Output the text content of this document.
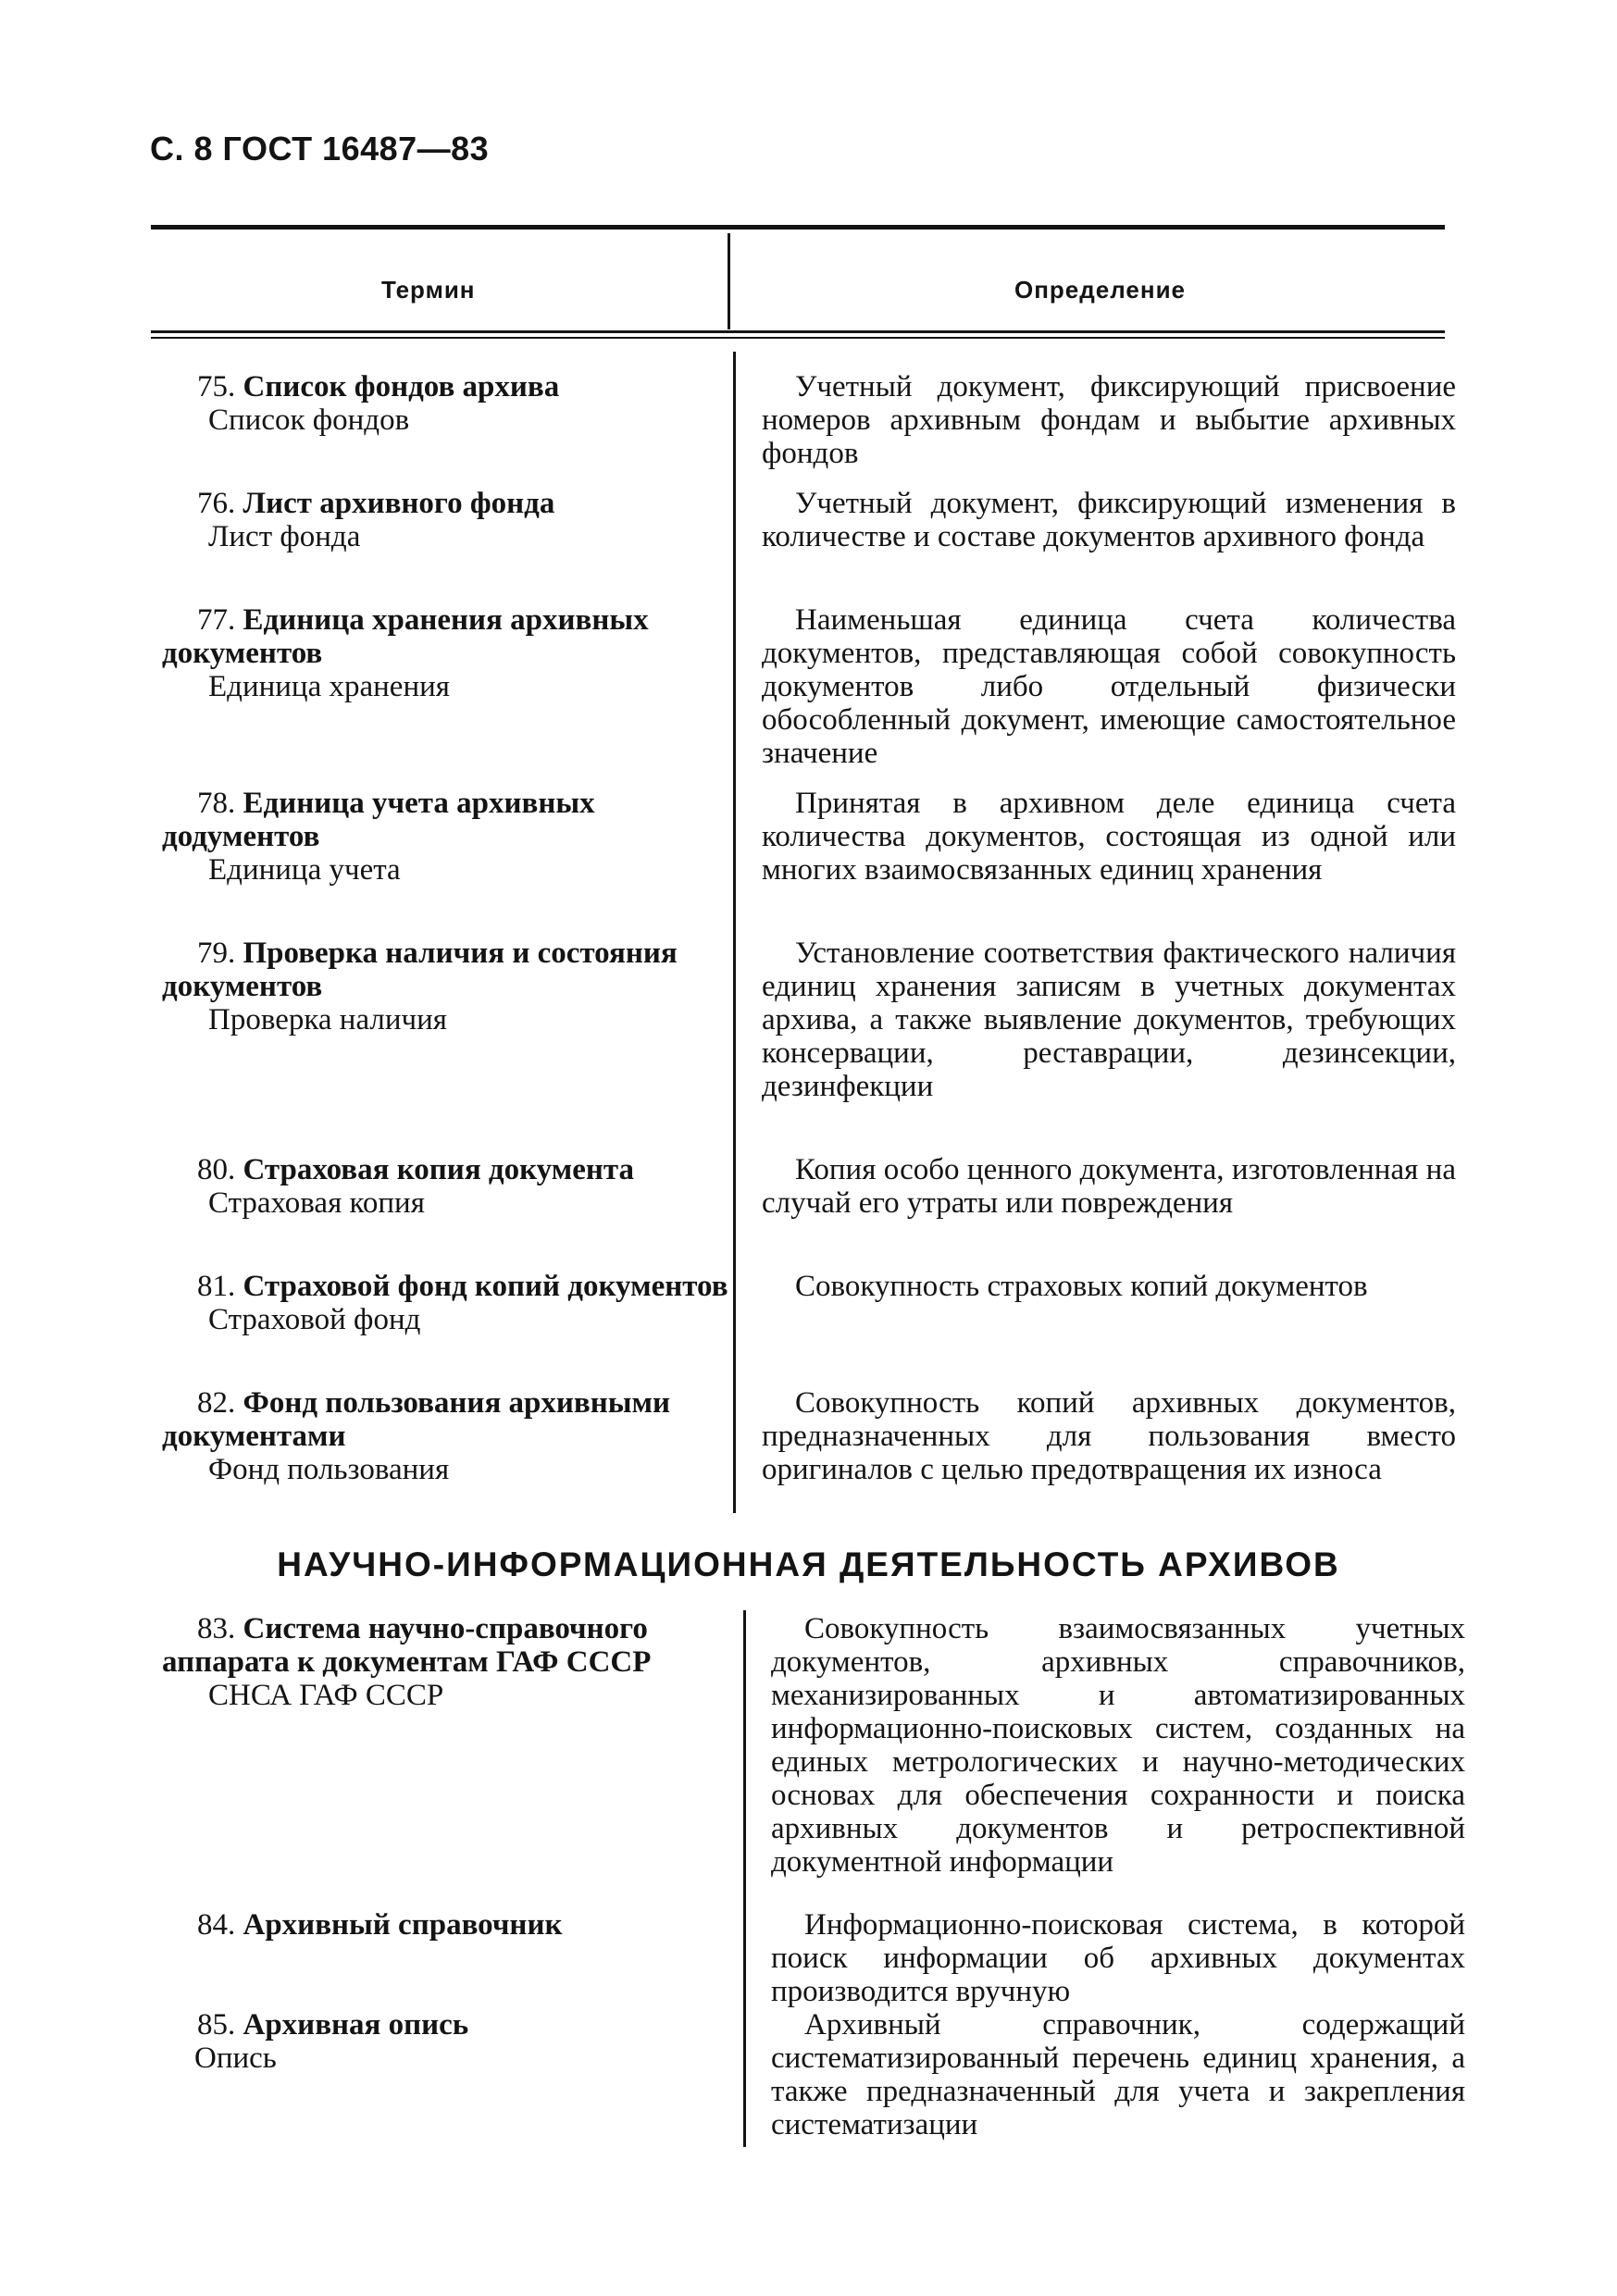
С. 8 ГОСТ 16487—83
Термин	Определение
75. Список фондов архива
Список фондов
Учетный документ, фиксирующий присвоение номеров архивным фондам и выбытие архивных фондов
76. Лист архивного фонда
Лист фонда
Учетный документ, фиксирующий изменения в количестве и составе документов архивного фонда
77. Единица хранения архивных документов
Единица хранения
Наименьшая единица счета количества документов, представляющая собой совокупность документов либо отдельный физически обособленный документ, имеющие самостоятельное значение
78. Единица учета архивных додументов
Единица учета
Принятая в архивном деле единица счета количества документов, состоящая из одной или многих взаимосвязанных единиц хранения
79. Проверка наличия и состояния документов
Проверка наличия
Установление соответствия фактического наличия единиц хранения записям в учетных документах архива, а также выявление документов, требующих консервации, реставрации, дезинсекции, дезинфекции
80. Страховая копия документа
Страховая копия
Копия особо ценного документа, изготовленная на случай его утраты или повреждения
81. Страховой фонд копий документов
Страховой фонд
Совокупность страховых копий документов
82. Фонд пользования архивными документами
Фонд пользования
Совокупность копий архивных документов, предназначенных для пользования вместо оригиналов с целью предотвращения их износа
НАУЧНО-ИНФОРМАЦИОННАЯ ДЕЯТЕЛЬНОСТЬ АРХИВОВ
83. Система научно-справочного аппарата к документам ГАФ СССР
СНСА ГАФ СССР
Совокупность взаимосвязанных учетных документов, архивных справочников, механизированных и автоматизированных информационно-поисковых систем, созданных на единых метрологических и научно-методических основах для обеспечения сохранности и поиска архивных документов и ретроспективной документной информации
84. Архивный справочник	Информационно-поисковая система, в которой поиск информации об архивных документах производится вручную
85. Архивная опись
Опись
Архивный справочник, содержащий систематизированный перечень единиц хранения, а также предназначенный для учета и закрепления систематизации
